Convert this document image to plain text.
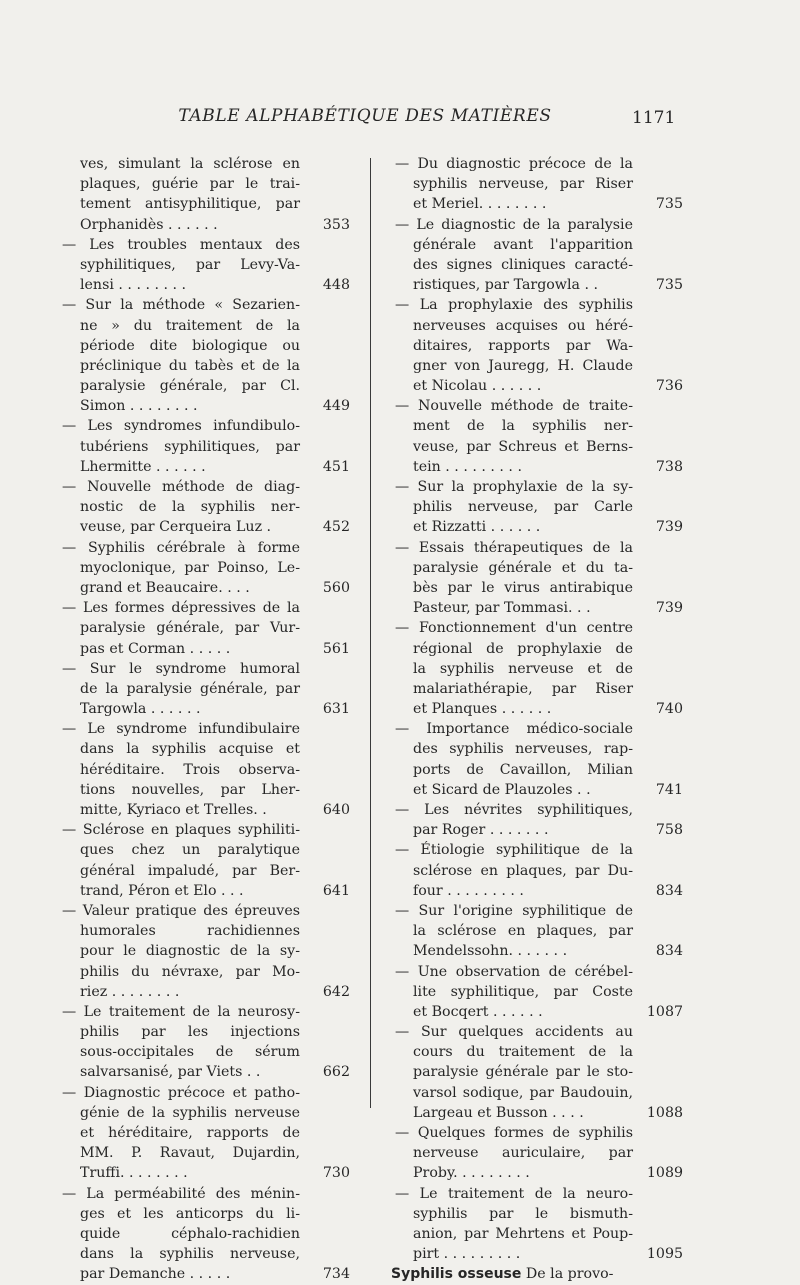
TABLE ALPHABÉTIQUE DES MATIÈRES	1171
ves, simulant la sclérose en
plaques, guérie par le trai-
tement antisyphilitique, par
Orphanidès . . . . . .	353
— Les troubles mentaux des
syphilitiques, par Levy-Va-
lensi . . . . . . . .	448
— Sur la méthode « Sezarien-
ne » du traitement de la
période dite biologique ou
préclinique du tabès et de la
paralysie générale, par Cl.
Simon . . . . . . . .	449
— Les syndromes infundibulo-
tubériens syphilitiques, par
Lhermitte . . . . . .	451
— Nouvelle méthode de diag-
nostic de la syphilis ner-
veuse, par Cerqueira Luz .	452
— Syphilis cérébrale à forme
myoclonique, par Poinso, Le-
grand et Beaucaire. . . .	560
— Les formes dépressives de la
paralysie générale, par Vur-
pas et Corman . . . . .	561
— Sur le syndrome humoral
de la paralysie générale, par
Targowla . . . . . .	631
— Le syndrome infundibulaire
dans la syphilis acquise et
héréditaire. Trois observa-
tions nouvelles, par Lher-
mitte, Kyriaco et Trelles. .	640
— Sclérose en plaques syphiliti-
ques chez un paralytique
général impaludé, par Ber-
trand, Péron et Elo . . .	641
— Valeur pratique des épreuves
humorales rachidiennes
pour le diagnostic de la sy-
philis du névraxe, par Mo-
riez . . . . . . . .	642
— Le traitement de la neurosy-
philis par les injections
sous-occipitales de sérum
salvarsanisé, par Viets . .	662
— Diagnostic précoce et patho-
génie de la syphilis nerveuse
et héréditaire, rapports de
MM. P. Ravaut, Dujardin,
Truffi. . . . . . . .	730
— La perméabilité des ménin-
ges et les anticorps du li-
quide céphalo-rachidien
dans la syphilis nerveuse,
par Demanche . . . . .	734
— Du diagnostic précoce de la
syphilis nerveuse, par Riser
et Meriel. . . . . . . .	735
— Le diagnostic de la paralysie
générale avant l'apparition
des signes cliniques caracté-
ristiques, par Targowla . .	735
— La prophylaxie des syphilis
nerveuses acquises ou héré-
ditaires, rapports par Wa-
gner von Jauregg, H. Claude
et Nicolau . . . . . .	736
— Nouvelle méthode de traite-
ment de la syphilis ner-
veuse, par Schreus et Berns-
tein . . . . . . . . .	738
— Sur la prophylaxie de la sy-
philis nerveuse, par Carle
et Rizzatti . . . . . .	739
— Essais thérapeutiques de la
paralysie générale et du ta-
bès par le virus antirabique
Pasteur, par Tommasi. . .	739
— Fonctionnement d'un centre
régional de prophylaxie de
la syphilis nerveuse et de
malariathérapie, par Riser
et Planques . . . . . .	740
— Importance médico-sociale
des syphilis nerveuses, rap-
ports de Cavaillon, Milian
et Sicard de Plauzoles . .	741
— Les névrites syphilitiques,
par Roger . . . . . . .	758
— Étiologie syphilitique de la
sclérose en plaques, par Du-
four . . . . . . . . .	834
— Sur l'origine syphilitique de
la sclérose en plaques, par
Mendelssohn. . . . . . .	834
— Une observation de cérébel-
lite syphilitique, par Coste
et Bocqert . . . . . .	1087
— Sur quelques accidents au
cours du traitement de la
paralysie générale par le sto-
varsol sodique, par Baudouin,
Largeau et Busson . . . .	1088
— Quelques formes de syphilis
nerveuse auriculaire, par
Proby. . . . . . . . .	1089
— Le traitement de la neuro-
syphilis par le bismuth-
anion, par Mehrtens et Poup-
pirt . . . . . . . . .	1095
Syphilis osseuse De la provo-
